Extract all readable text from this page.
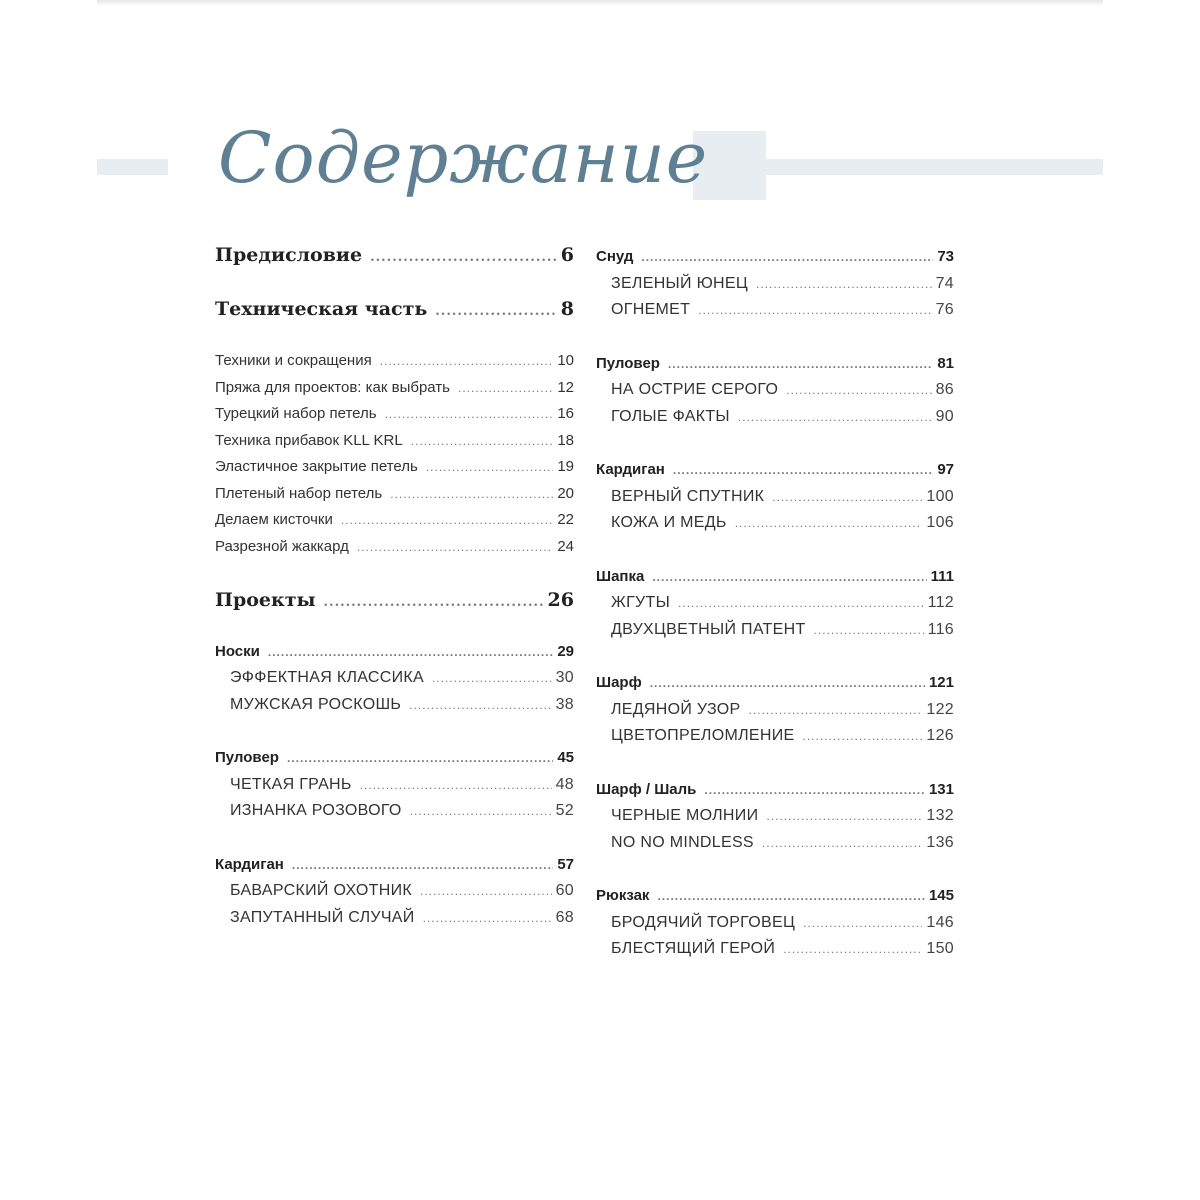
Содержание
Предисловие .....	6
Техническая часть .....	8
Техники и сокращения .....	10
Пряжа для проектов: как выбрать .....	12
Турецкий набор петель .....	16
Техника прибавок KLL KRL .....	18
Эластичное закрытие петель .....	19
Плетеный набор петель .....	20
Делаем кисточки .....	22
Разрезной жаккард .....	24
Проекты .....	26
Носки .....	29
ЭФФЕКТНАЯ КЛАССИКА .....	30
МУЖСКАЯ РОСКОШЬ .....	38
Пуловер .....	45
ЧЕТКАЯ ГРАНЬ .....	48
ИЗНАНКА РОЗОВОГО .....	52
Кардиган .....	57
БАВАРСКИЙ ОХОТНИК .....	60
ЗАПУТАННЫЙ СЛУЧАЙ .....	68
Снуд .....	73
ЗЕЛЕНЫЙ ЮНЕЦ .....	74
ОГНЕМЕТ .....	76
Пуловер .....	81
НА ОСТРИЕ СЕРОГО .....	86
ГОЛЫЕ ФАКТЫ .....	90
Кардиган .....	97
ВЕРНЫЙ СПУТНИК .....	100
КОЖА И МЕДЬ .....	106
Шапка .....	111
ЖГУТЫ .....	112
ДВУХЦВЕТНЫЙ ПАТЕНТ .....	116
Шарф .....	121
ЛЕДЯНОЙ УЗОР .....	122
ЦВЕТОПРЕЛОМЛЕНИЕ .....	126
Шарф / Шаль .....	131
ЧЕРНЫЕ МОЛНИИ .....	132
NO NO MINDLESS .....	136
Рюкзак .....	145
БРОДЯЧИЙ ТОРГОВЕЦ .....	146
БЛЕСТЯЩИЙ ГЕРОЙ .....	150
